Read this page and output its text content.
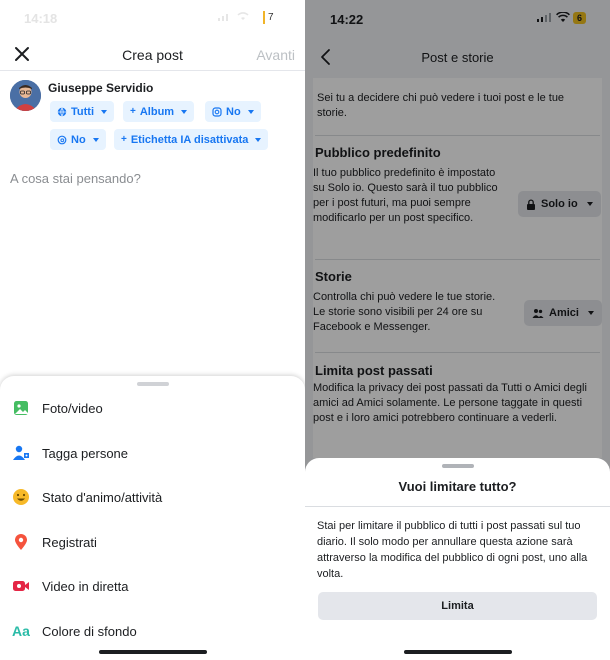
14:18	7
Crea post	Avanti
Giuseppe Servidio
Tutti	+ Album	No
No	+ Etichetta IA disattivata
A cosa stai pensando?
Foto/video
Tagga persone
Stato d'animo/attività
Registrati
Video in diretta
Aa Colore di sfondo
14:22	6
Post e storie
Sei tu a decidere chi può vedere i tuoi post e le tue storie.
Pubblico predefinito
Il tuo pubblico predefinito è impostato su Solo io. Questo sarà il tuo pubblico per i post futuri, ma puoi sempre modificarlo per un post specifico.
Solo io
Storie
Controlla chi può vedere le tue storie. Le storie sono visibili per 24 ore su Facebook e Messenger.
Amici
Limita post passati
Modifica la privacy dei post passati da Tutti o Amici degli amici ad Amici solamente. Le persone taggate in questi post e i loro amici potrebbero continuare a vederli.
Vuoi limitare tutto?
Stai per limitare il pubblico di tutti i post passati sul tuo diario. Il solo modo per annullare questa azione sarà attraverso la modifica del pubblico di ogni post, uno alla volta.
Limita
